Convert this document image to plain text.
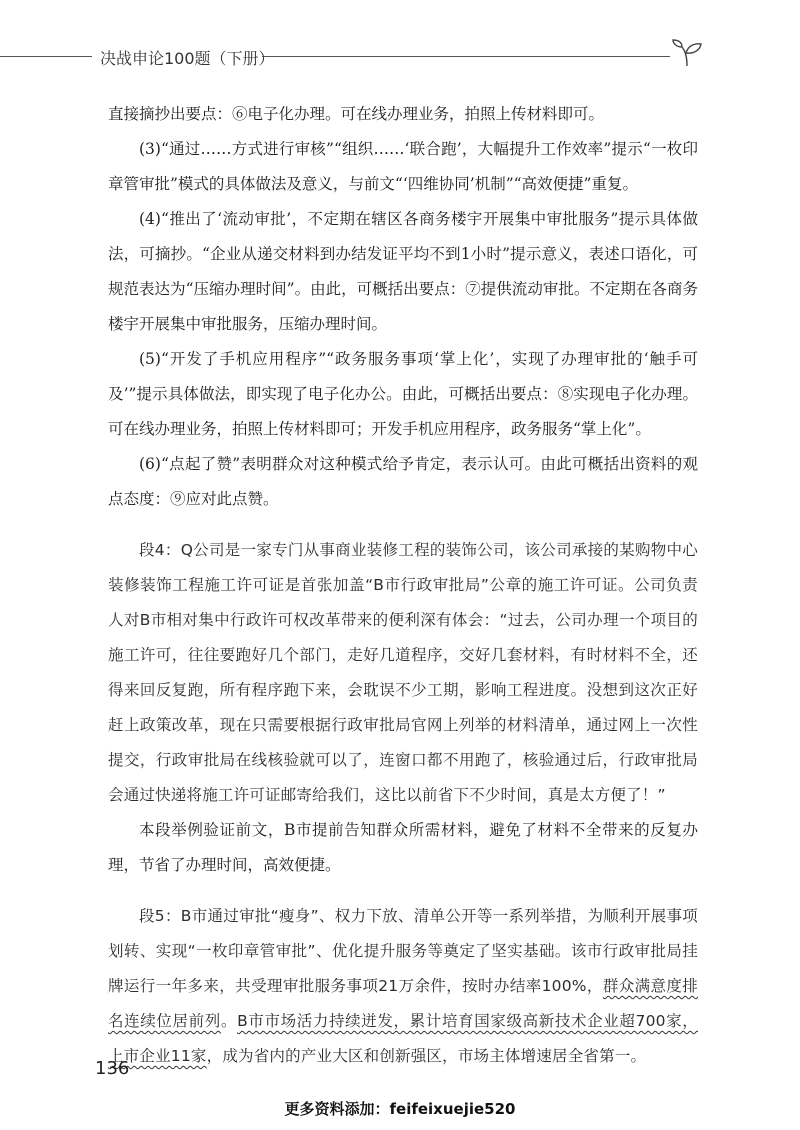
决战申论100题（下册）

直接摘抄出要点：⑥电子化办理。可在线办理业务，拍照上传材料即可。

(3)“通过……方式进行审核”“组织……‘联合跑’，大幅提升工作效率”提示“一枚印章管审批”模式的具体做法及意义，与前文“‘四维协同’机制”“高效便捷”重复。

(4)“推出了‘流动审批’，不定期在辖区各商务楼宇开展集中审批服务”提示具体做法，可摘抄。“企业从递交材料到办结发证平均不到1小时”提示意义，表述口语化，可规范表达为“压缩办理时间”。由此，可概括出要点：⑦提供流动审批。不定期在各商务楼宇开展集中审批服务，压缩办理时间。

(5)“开发了手机应用程序”“政务服务事项‘掌上化’，实现了办理审批的‘触手可及’”提示具体做法，即实现了电子化办公。由此，可概括出要点：⑧实现电子化办理。可在线办理业务，拍照上传材料即可；开发手机应用程序，政务服务“掌上化”。

(6)“点起了赞”表明群众对这种模式给予肯定，表示认可。由此可概括出资料的观点态度：⑨应对此点赞。

段4：Q公司是一家专门从事商业装修工程的装饰公司，该公司承接的某购物中心装修装饰工程施工许可证是首张加盖“B市行政审批局”公章的施工许可证。公司负责人对B市相对集中行政许可权改革带来的便利深有体会：“过去，公司办理一个项目的施工许可，往往要跑好几个部门，走好几道程序，交好几套材料，有时材料不全，还得来回反复跑，所有程序跑下来，会耽误不少工期，影响工程进度。没想到这次正好赶上政策改革，现在只需要根据行政审批局官网上列举的材料清单，通过网上一次性提交，行政审批局在线核验就可以了，连窗口都不用跑了，核验通过后，行政审批局会通过快递将施工许可证邮寄给我们，这比以前省下不少时间，真是太方便了！”

本段举例验证前文，B市提前告知群众所需材料，避免了材料不全带来的反复办理，节省了办理时间，高效便捷。

段5：B市通过审批“瘦身”、权力下放、清单公开等一系列举措，为顺利开展事项划转、实现“一枚印章管审批”、优化提升服务等奠定了坚实基础。该市行政审批局挂牌运行一年多来，共受理审批服务事项21万余件，按时办结率100%，群众满意度排名连续位居前列。B市市场活力持续迸发，累计培育国家级高新技术企业超700家，上市企业11家，成为省内的产业大区和创新强区，市场主体增速居全省第一。

136
更多资料添加：feifeixuejie520
